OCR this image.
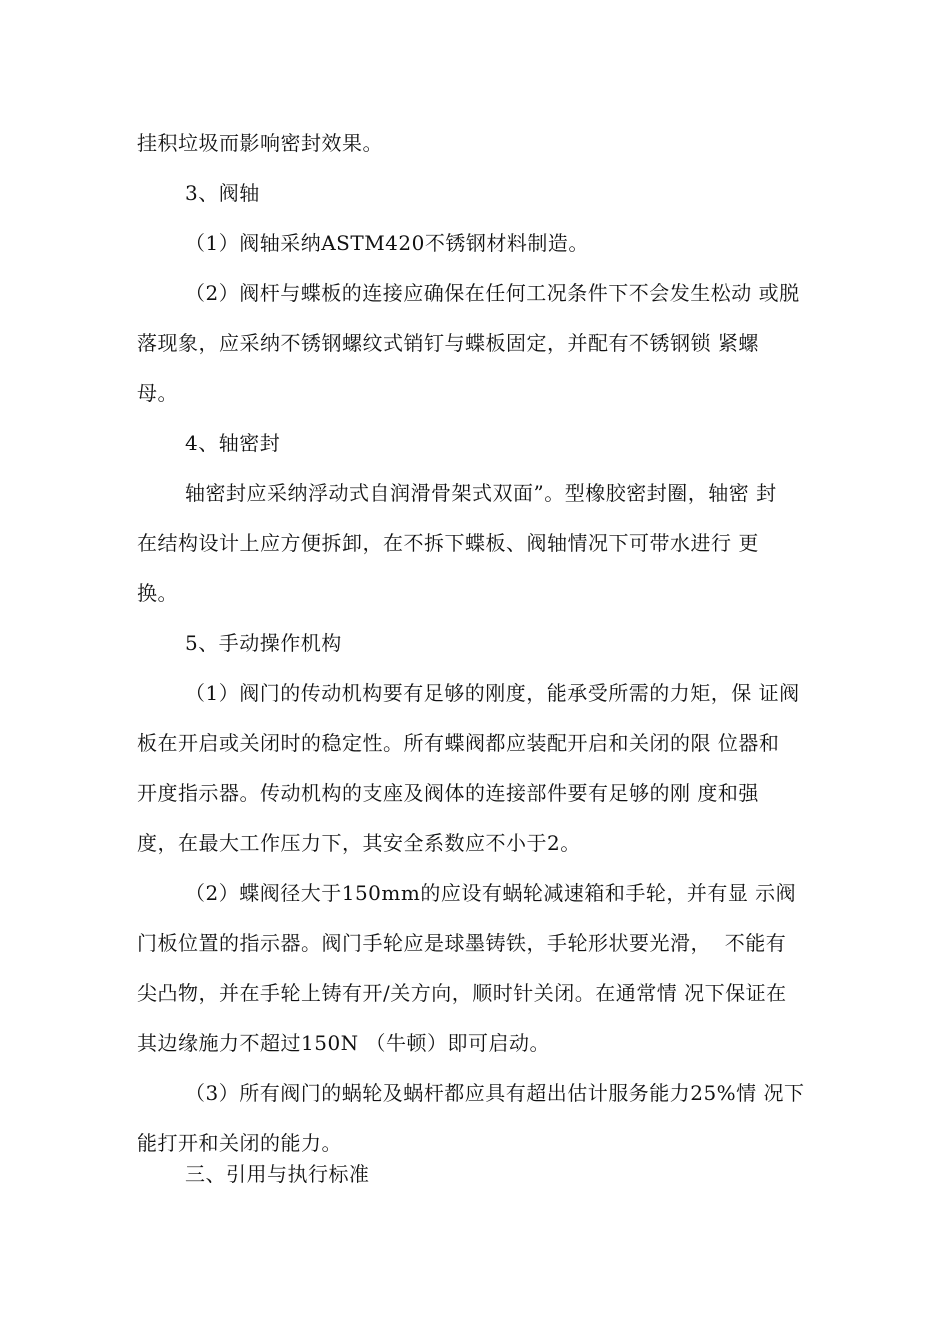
挂积垃圾而影响密封效果。
3、阀轴
（1）阀轴采纳ASTM420不锈钢材料制造。
（2）阀杆与蝶板的连接应确保在任何工况条件下不会发生松动 或脱
落现象，应采纳不锈钢螺纹式销钉与蝶板固定，并配有不锈钢锁 紧螺
母。
4、轴密封
轴密封应采纳浮动式自润滑骨架式双面”。型橡胶密封圈，轴密 封
在结构设计上应方便拆卸，在不拆下蝶板、阀轴情况下可带水进行 更
换。
5、手动操作机构
（1）阀门的传动机构要有足够的刚度，能承受所需的力矩，保 证阀
板在开启或关闭时的稳定性。所有蝶阀都应装配开启和关闭的限 位器和
开度指示器。传动机构的支座及阀体的连接部件要有足够的刚 度和强
度，在最大工作压力下，其安全系数应不小于2。
（2）蝶阀径大于150mm的应设有蜗轮减速箱和手轮，并有显 示阀
门板位置的指示器。阀门手轮应是球墨铸铁，手轮形状要光滑，  不能有
尖凸物，并在手轮上铸有开/关方向，顺时针关闭。在通常情 况下保证在
其边缘施力不超过150N （牛顿）即可启动。
（3）所有阀门的蜗轮及蜗杆都应具有超出估计服务能力25%情 况下
能打开和关闭的能力。
三、引用与执行标准
